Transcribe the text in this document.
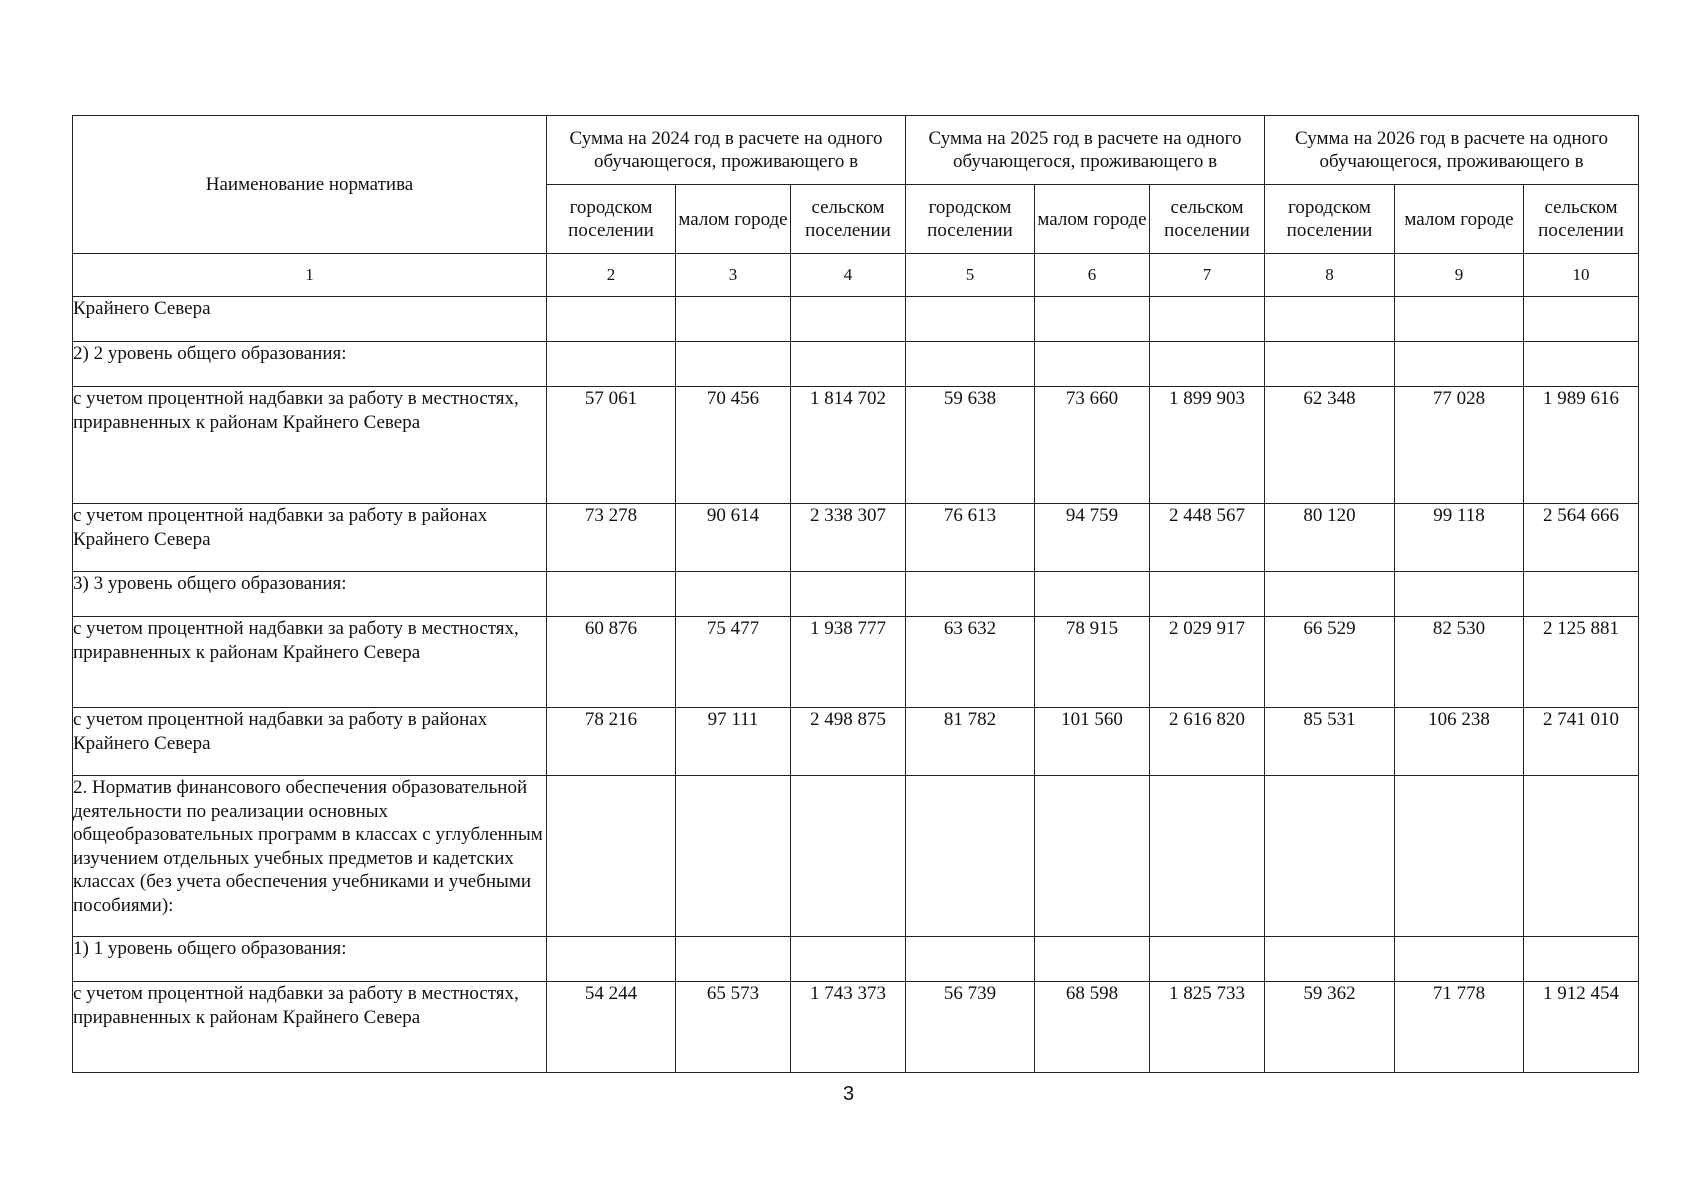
Наименование норматива	Сумма на 2024 год в расчете на одного обучающегося, проживающего в			Сумма на 2025 год в расчете на одного обучающегося, проживающего в			Сумма на 2026 год в расчете на одного обучающегося, проживающего в		
	городском поселении	малом городе	сельском поселении	городском поселении	малом городе	сельском поселении	городском поселении	малом городе	сельском поселении
1	2	3	4	5	6	7	8	9	10
Крайнего Севера									
2) 2 уровень общего образования:									
с учетом процентной надбавки за работу в местностях, приравненных к районам Крайнего Севера	57 061	70 456	1 814 702	59 638	73 660	1 899 903	62 348	77 028	1 989 616
с учетом процентной надбавки за работу в районах Крайнего Севера	73 278	90 614	2 338 307	76 613	94 759	2 448 567	80 120	99 118	2 564 666
3) 3 уровень общего образования:									
с учетом процентной надбавки за работу в местностях, приравненных к районам Крайнего Севера	60 876	75 477	1 938 777	63 632	78 915	2 029 917	66 529	82 530	2 125 881
с учетом процентной надбавки за работу в районах Крайнего Севера	78 216	97 111	2 498 875	81 782	101 560	2 616 820	85 531	106 238	2 741 010
2. Норматив финансового обеспечения образовательной деятельности по реализации основных общеобразовательных программ в классах с углубленным изучением отдельных учебных предметов и кадетских классах (без учета обеспечения учебниками и учебными пособиями):									
1) 1 уровень общего образования:									
с учетом процентной надбавки за работу в местностях, приравненных к районам Крайнего Севера	54 244	65 573	1 743 373	56 739	68 598	1 825 733	59 362	71 778	1 912 454
3
